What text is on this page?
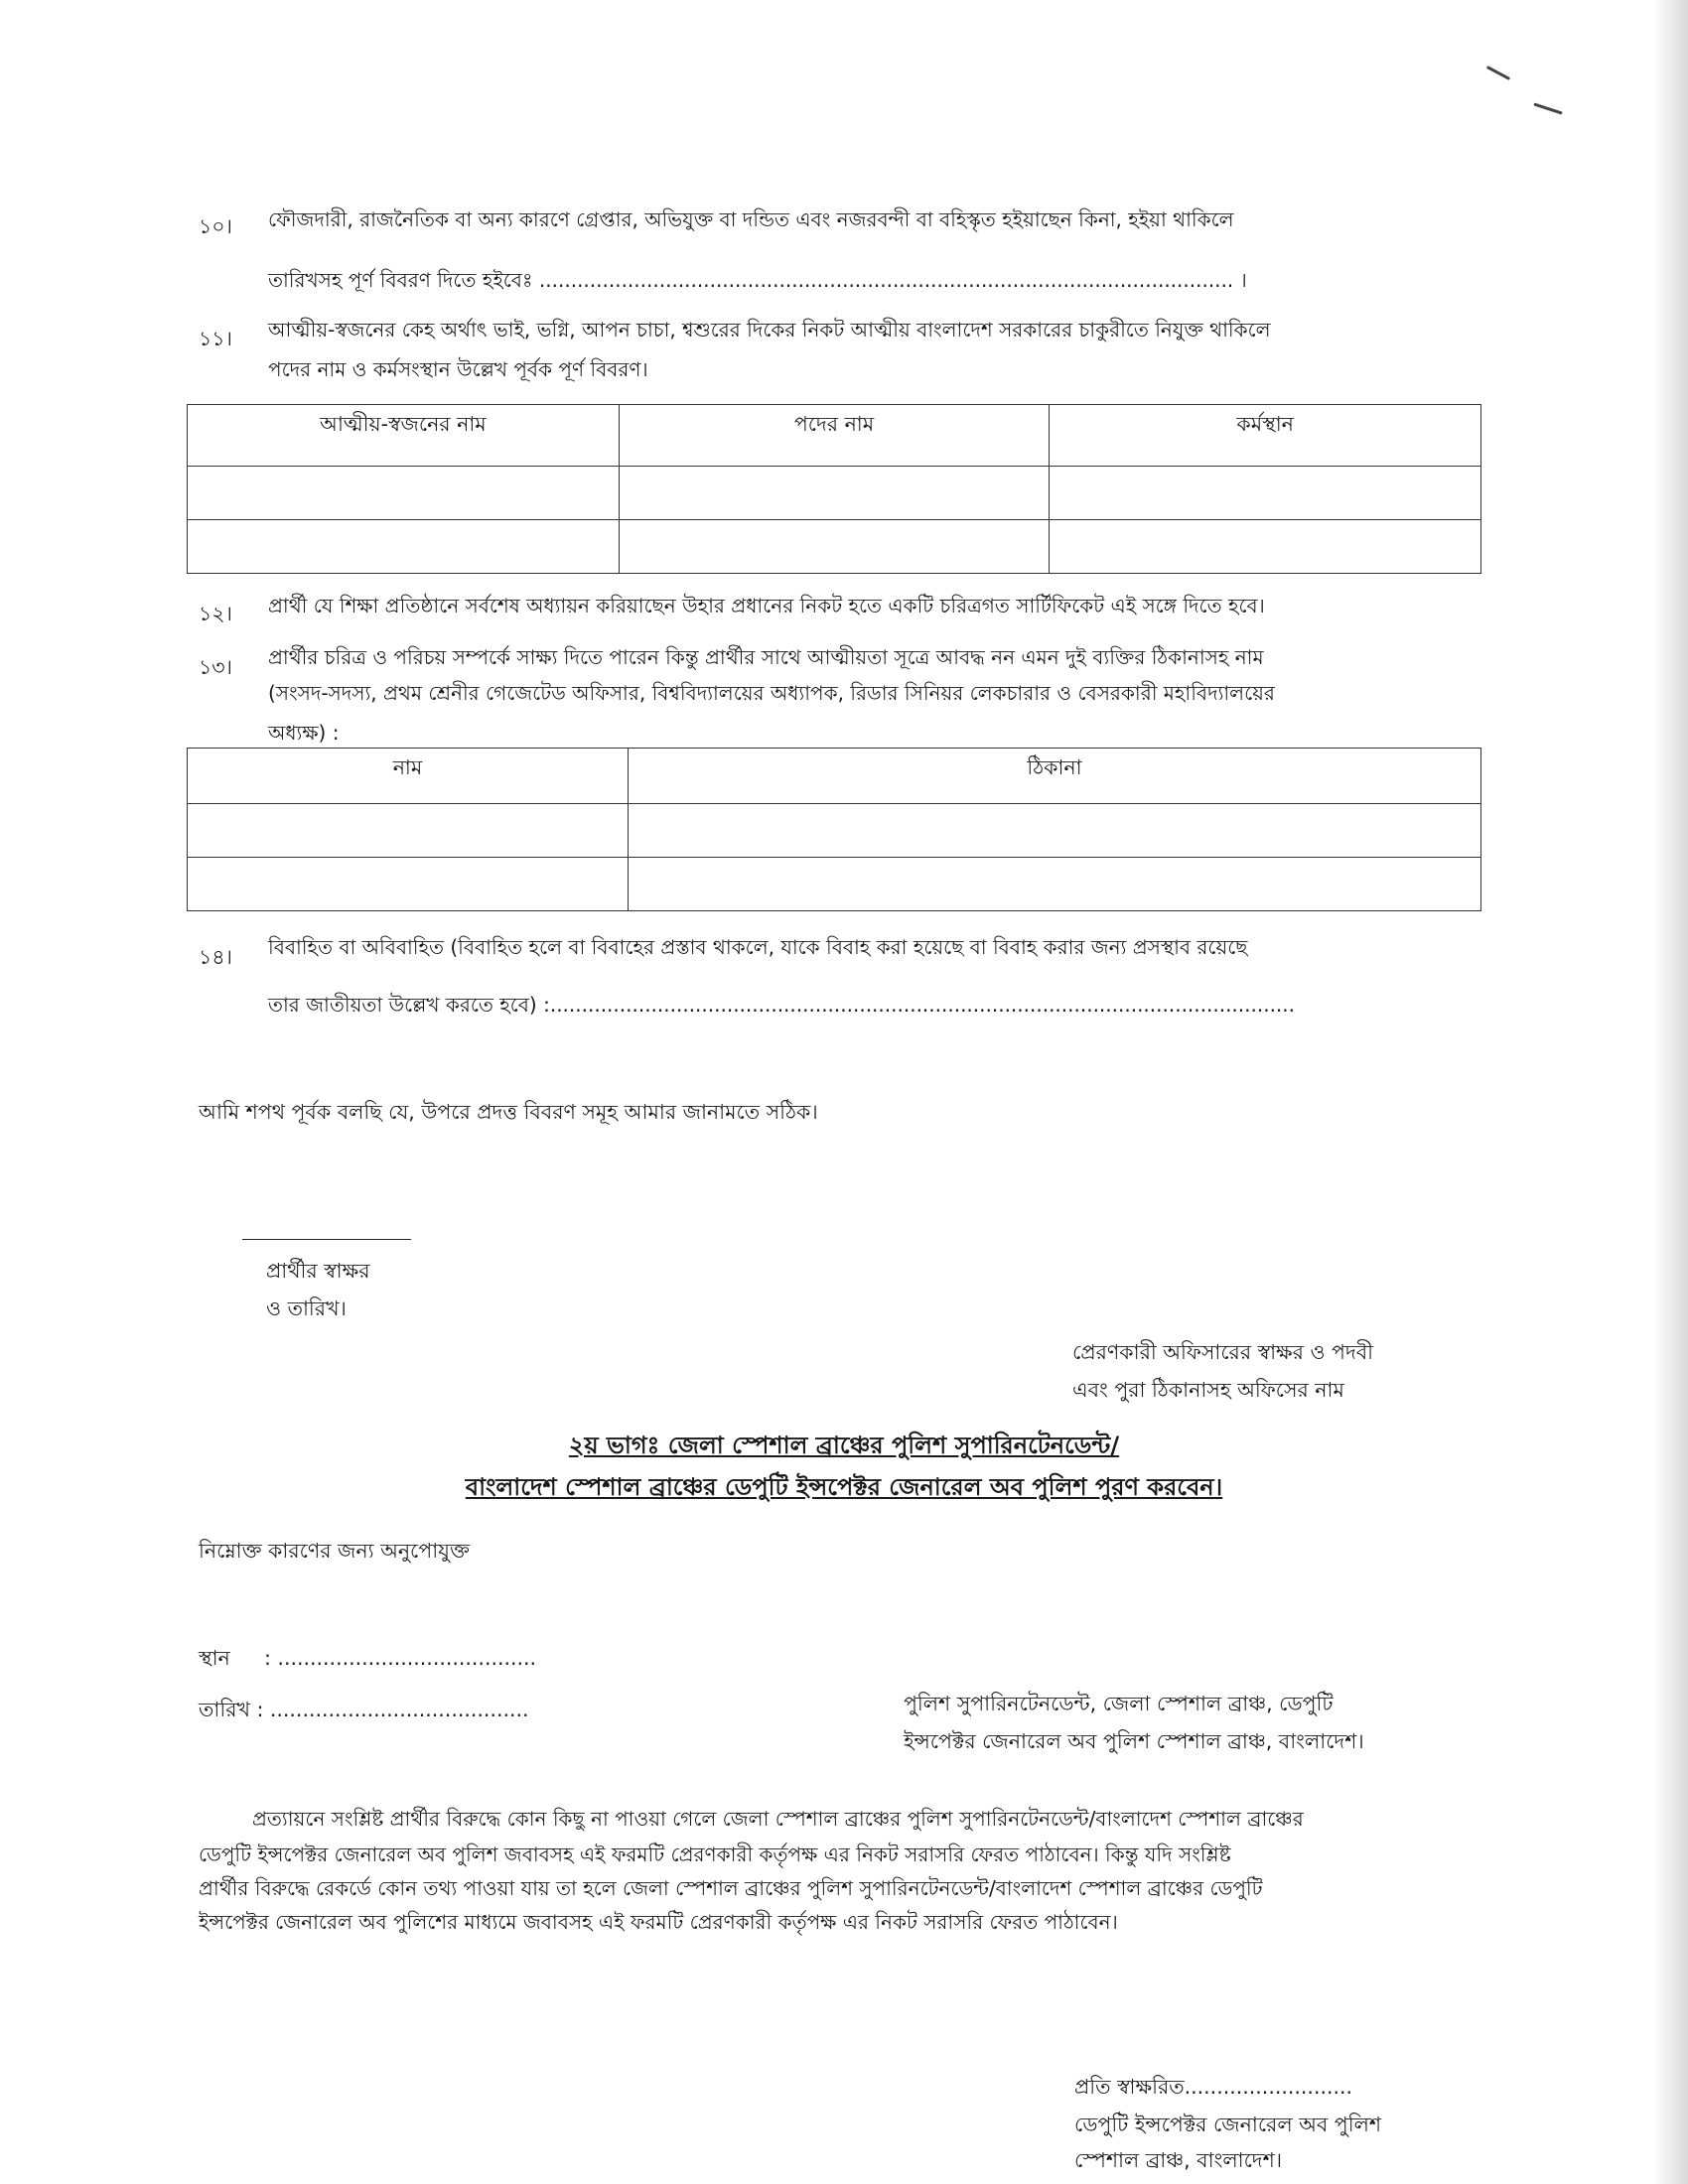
১০। ফৌজদারী, রাজনৈতিক বা অন্য কারণে গ্রেপ্তার, অভিযুক্ত বা দন্ডিত এবং নজরবন্দী বা বহিস্কৃত হইয়াছেন কিনা, হইয়া থাকিলে
তারিখসহ পূর্ণ বিবরণ দিতে হইবেঃ .............................................................................................................. ।
১১। আত্মীয়-স্বজনের কেহ অর্থাৎ ভাই, ভগ্নি, আপন চাচা, শ্বশুরের দিকের নিকট আত্মীয় বাংলাদেশ সরকারের চাকুরীতে নিযুক্ত থাকিলে
পদের নাম ও কর্মসংস্থান উল্লেখ পূর্বক পূর্ণ বিবরণ।
আত্মীয়-স্বজনের নাম	পদের নাম	কর্মস্থান

১২। প্রার্থী যে শিক্ষা প্রতিষ্ঠানে সর্বশেষ অধ্যায়ন করিয়াছেন উহার প্রধানের নিকট হতে একটি চরিত্রগত সার্টিফিকেট এই সঙ্গে দিতে হবে।
১৩। প্রার্থীর চরিত্র ও পরিচয় সম্পর্কে সাক্ষ্য দিতে পারেন কিন্তু প্রার্থীর সাথে আত্মীয়তা সূত্রে আবদ্ধ নন এমন দুই ব্যক্তির ঠিকানাসহ নাম
(সংসদ-সদস্য, প্রথম শ্রেনীর গেজেটেড অফিসার, বিশ্ববিদ্যালয়ের অধ্যাপক, রিডার সিনিয়র লেকচারার ও বেসরকারী মহাবিদ্যালয়ের
অধ্যক্ষ) :
নাম	ঠিকানা

১৪। বিবাহিত বা অবিবাহিত (বিবাহিত হলে বা বিবাহের প্রস্তাব থাকলে, যাকে বিবাহ করা হয়েছে বা বিবাহ করার জন্য প্রসস্থাব রয়েছে
তার জাতীয়তা উল্লেখ করতে হবে) :......................................................................................................................
আমি শপথ পূর্বক বলছি যে, উপরে প্রদত্ত বিবরণ সমূহ আমার জানামতে সঠিক।
প্রার্থীর স্বাক্ষর
ও তারিখ।
প্রেরণকারী অফিসারের স্বাক্ষর ও পদবী
এবং পুরা ঠিকানাসহ অফিসের নাম
২য় ভাগঃ জেলা স্পেশাল ব্রাঞ্চের পুলিশ সুপারিনটেনডেন্ট/
বাংলাদেশ স্পেশাল ব্রাঞ্চের ডেপুটি ইন্সপেক্টর জেনারেল অব পুলিশ পুরণ করবেন।
নিম্নোক্ত কারণের জন্য অনুপোযুক্ত
স্থান : ........................................
তারিখ : ........................................	পুলিশ সুপারিনটেনডেন্ট, জেলা স্পেশাল ব্রাঞ্চ, ডেপুটি
ইন্সপেক্টর জেনারেল অব পুলিশ স্পেশাল ব্রাঞ্চ, বাংলাদেশ।
প্রত্যায়নে সংশ্লিষ্ট প্রার্থীর বিরুদ্ধে কোন কিছু না পাওয়া গেলে জেলা স্পেশাল ব্রাঞ্চের পুলিশ সুপারিনটেনডেন্ট/বাংলাদেশ স্পেশাল ব্রাঞ্চের
ডেপুটি ইন্সপেক্টর জেনারেল অব পুলিশ জবাবসহ এই ফরমটি প্রেরণকারী কর্তৃপক্ষ এর নিকট সরাসরি ফেরত পাঠাবেন। কিন্তু যদি সংশ্লিষ্ট
প্রার্থীর বিরুদ্ধে রেকর্ডে কোন তথ্য পাওয়া যায় তা হলে জেলা স্পেশাল ব্রাঞ্চের পুলিশ সুপারিনটেনডেন্ট/বাংলাদেশ স্পেশাল ব্রাঞ্চের ডেপুটি
ইন্সপেক্টর জেনারেল অব পুলিশের মাধ্যমে জবাবসহ এই ফরমটি প্রেরণকারী কর্তৃপক্ষ এর নিকট সরাসরি ফেরত পাঠাবেন।
প্রতি স্বাক্ষরিত..........................
ডেপুটি ইন্সপেক্টর জেনারেল অব পুলিশ
স্পেশাল ব্রাঞ্চ, বাংলাদেশ।
